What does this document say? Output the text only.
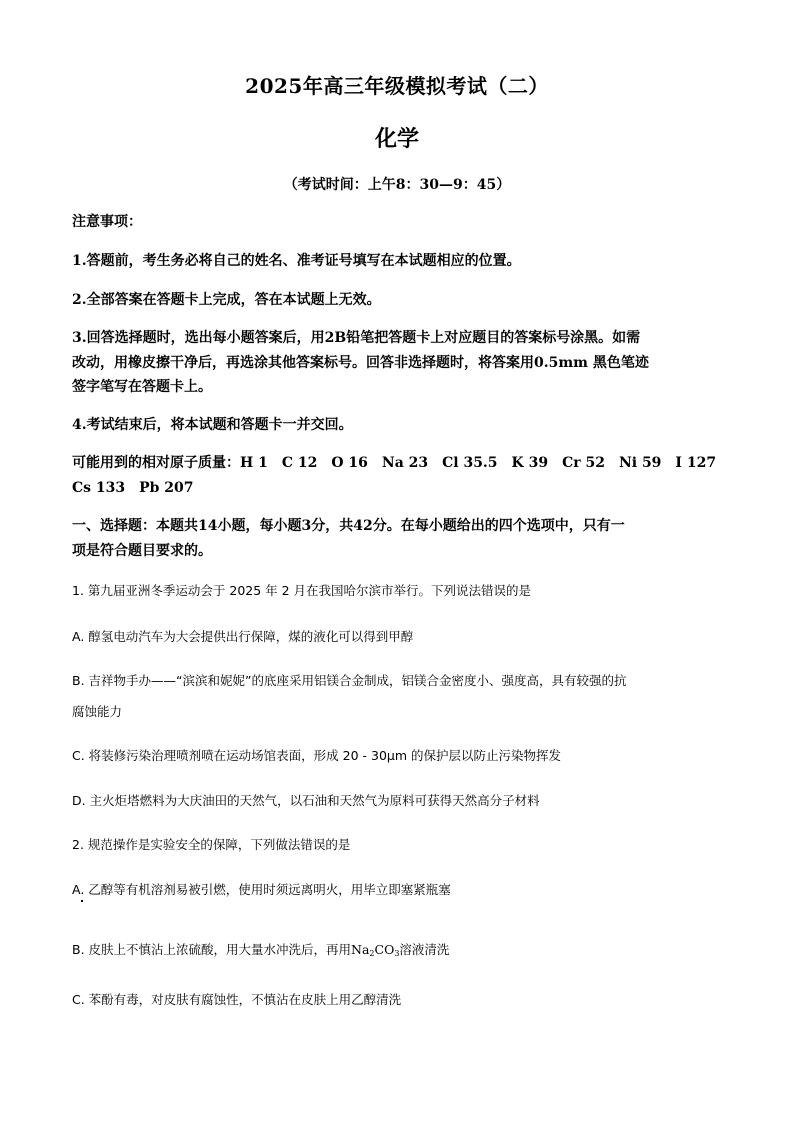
2025年高三年级模拟考试（二）
化学
（考试时间：上午8：30—9：45）
注意事项：
1.答题前，考生务必将自己的姓名、准考证号填写在本试题相应的位置。
2.全部答案在答题卡上完成，答在本试题上无效。
3.回答选择题时，选出每小题答案后，用2B铅笔把答题卡上对应题目的答案标号涂黑。如需
改动，用橡皮擦干净后，再选涂其他答案标号。回答非选择题时，将答案用0.5mm 黑色笔迹
签字笔写在答题卡上。
4.考试结束后，将本试题和答题卡一并交回。
可能用到的相对原子质量：H 1　C 12　O 16　Na 23　Cl 35.5　K 39　Cr 52　Ni 59　I 127
Cs 133　Pb 207
一、选择题：本题共14小题，每小题3分，共42分。在每小题给出的四个选项中，只有一
项是符合题目要求的。
1. 第九届亚洲冬季运动会于 2025 年 2 月在我国哈尔滨市举行。下列说法错误的是
A. 醇氢电动汽车为大会提供出行保障，煤的液化可以得到甲醇
B. 吉祥物手办——“滨滨和妮妮”的底座采用铝镁合金制成，铝镁合金密度小、强度高，具有较强的抗
腐蚀能力
C. 将装修污染治理喷剂喷在运动场馆表面，形成 20 - 30μm 的保护层以防止污染物挥发
D. 主火炬塔燃料为大庆油田的天然气，以石油和天然气为原料可获得天然高分子材料
2. 规范操作是实验安全的保障，下列做法错误的是
A. 乙醇等有机溶剂易被引燃，使用时须远离明火，用毕立即塞紧瓶塞
B. 皮肤上不慎沾上浓硫酸，用大量水冲洗后，再用$Na_2CO_3$溶液清洗
C. 苯酚有毒，对皮肤有腐蚀性，不慎沾在皮肤上用乙醇清洗
